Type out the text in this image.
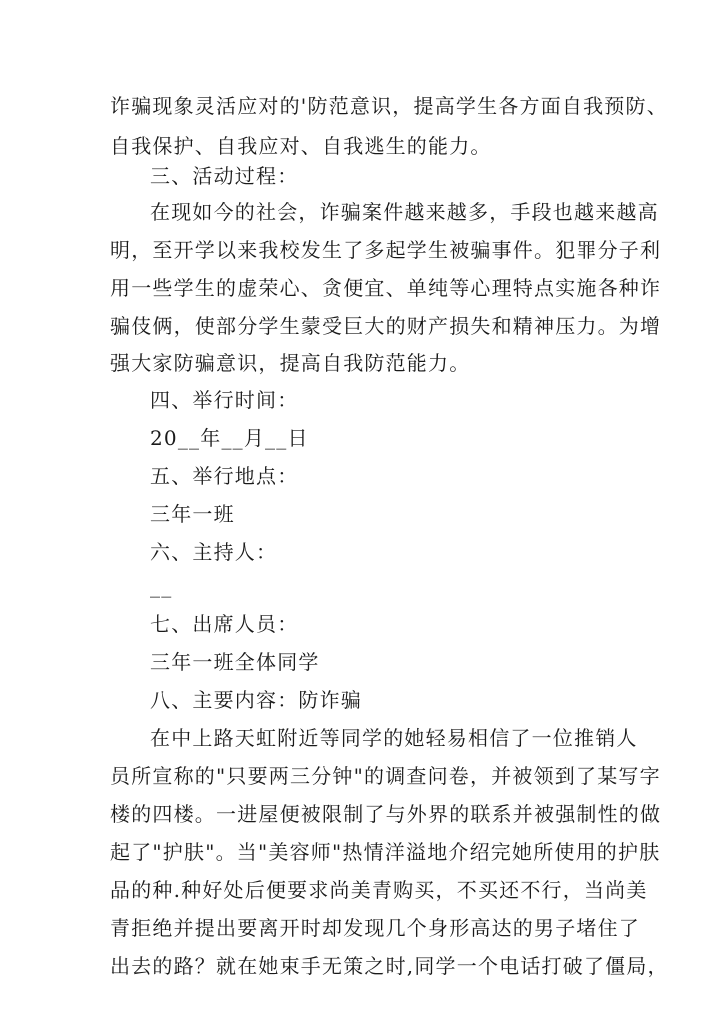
诈骗现象灵活应对的'防范意识，提高学生各方面自我预防、
自我保护、自我应对、自我逃生的能力。
三、活动过程：
在现如今的社会，诈骗案件越来越多，手段也越来越高
明，至开学以来我校发生了多起学生被骗事件。犯罪分子利
用一些学生的虚荣心、贪便宜、单纯等心理特点实施各种诈
骗伎俩，使部分学生蒙受巨大的财产损失和精神压力。为增
强大家防骗意识，提高自我防范能力。
四、举行时间：
20__年__月__日
五、举行地点：
三年一班
六、主持人：
__
七、出席人员：
三年一班全体同学
八、主要内容：防诈骗
在中上路天虹附近等同学的她轻易相信了一位推销人
员所宣称的"只要两三分钟"的调查问卷，并被领到了某写字
楼的四楼。一进屋便被限制了与外界的联系并被强制性的做
起了"护肤"。当"美容师"热情洋溢地介绍完她所使用的护肤
品的种.种好处后便要求尚美青购买，不买还不行，当尚美
青拒绝并提出要离开时却发现几个身形高达的男子堵住了
出去的路？就在她束手无策之时,同学一个电话打破了僵局，
